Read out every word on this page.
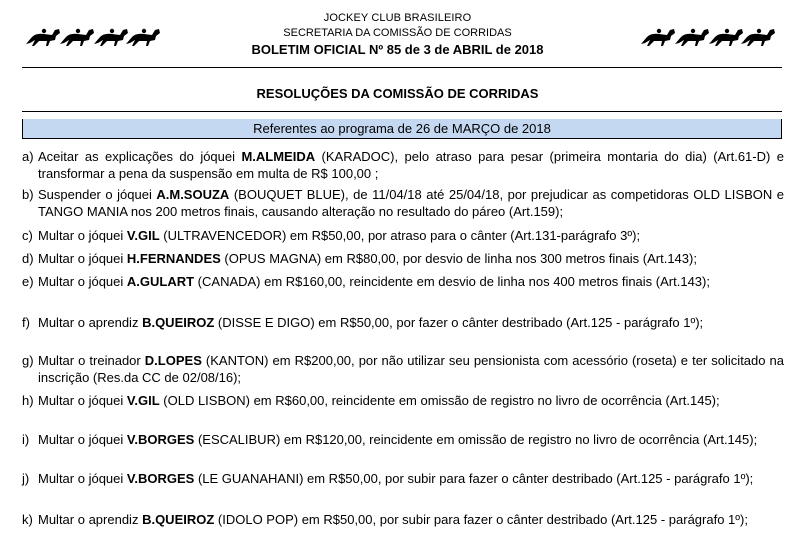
JOCKEY CLUB BRASILEIRO
SECRETARIA DA COMISSÃO DE CORRIDAS
BOLETIM OFICIAL Nº 85 de 3 de ABRIL de 2018
RESOLUÇÕES DA COMISSÃO DE CORRIDAS
Referentes ao programa de 26 de MARÇO de 2018
a) Aceitar as explicações do jóquei M.ALMEIDA (KARADOC), pelo atraso para pesar (primeira montaria do dia) (Art.61-D) e transformar a pena da suspensão em multa de R$ 100,00 ;
b) Suspender o jóquei A.M.SOUZA (BOUQUET BLUE), de 11/04/18 até 25/04/18, por prejudicar as competidoras OLD LISBON e TANGO MANIA nos 200 metros finais, causando alteração no resultado do páreo (Art.159);
c) Multar o jóquei V.GIL (ULTRAVENCEDOR) em R$50,00, por atraso para o cânter (Art.131-parágrafo 3º);
d) Multar o jóquei H.FERNANDES (OPUS MAGNA) em R$80,00, por desvio de linha nos 300 metros finais (Art.143);
e) Multar o jóquei A.GULART (CANADA) em R$160,00, reincidente em desvio de linha nos 400 metros finais (Art.143);
f) Multar o aprendiz B.QUEIROZ (DISSE E DIGO) em R$50,00, por fazer o cânter destribado (Art.125 - parágrafo 1º);
g) Multar o treinador D.LOPES (KANTON) em R$200,00, por não utilizar seu pensionista com acessório (roseta) e ter solicitado na inscrição (Res.da CC de 02/08/16);
h) Multar o jóquei V.GIL (OLD LISBON) em R$60,00, reincidente em omissão de registro no livro de ocorrência (Art.145);
i) Multar o jóquei V.BORGES (ESCALIBUR) em R$120,00, reincidente em omissão de registro no livro de ocorrência (Art.145);
j) Multar o jóquei V.BORGES (LE GUANAHANI) em R$50,00, por subir para fazer o cânter destribado (Art.125 - parágrafo 1º);
k) Multar o aprendiz B.QUEIROZ (IDOLO POP) em R$50,00, por subir para fazer o cânter destribado (Art.125 - parágrafo 1º);
